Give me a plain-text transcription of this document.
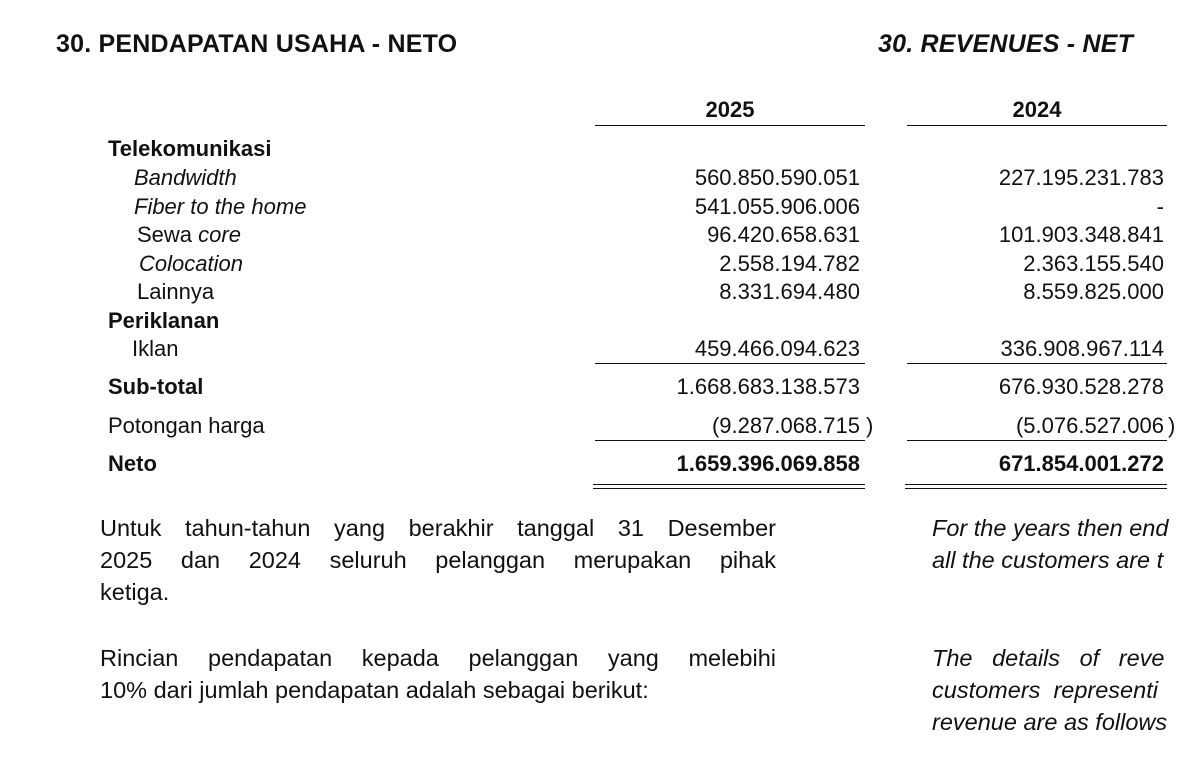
30. PENDAPATAN USAHA - NETO	30. REVENUES - NET
2025	2024
Telekomunikasi
Bandwidth	560.850.590.051	227.195.231.783
Fiber to the home	541.055.906.006	-
Sewa core	96.420.658.631	101.903.348.841
Colocation	2.558.194.782	2.363.155.540
Lainnya	8.331.694.480	8.559.825.000
Periklanan
Iklan	459.466.094.623	336.908.967.114
Sub-total	1.668.683.138.573	676.930.528.278
Potongan harga	(9.287.068.715 )	(5.076.527.006 )
Neto	1.659.396.069.858	671.854.001.272
Untuk tahun-tahun yang berakhir tanggal 31 Desember
2025 dan 2024 seluruh pelanggan merupakan pihak
ketiga.
For the years then end
all the customers are t
Rincian pendapatan kepada pelanggan yang melebihi
10% dari jumlah pendapatan adalah sebagai berikut:
The   details   of   reve
customers  representi
revenue are as follows
